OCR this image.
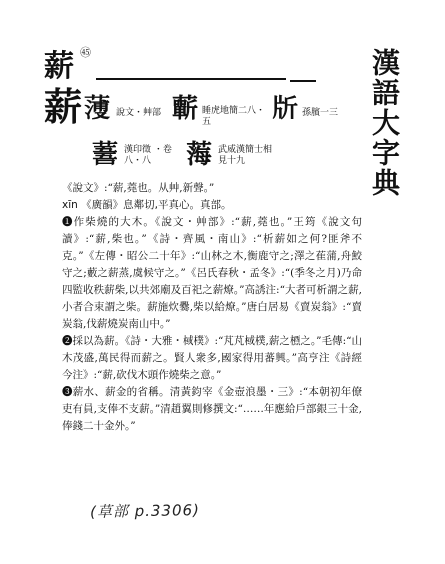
漢語大字典
薪 ㊺
薪 𦻈 說文・艸部 蘄 睡虎地簡二八・五	𣂔 孫臏一三
𦸭 漢印徵 ・卷八・八	𦷫 武威漢簡士相見十九

《說文》:“薪,蕘也。从艸,新聲。”

xīn 《廣韻》息鄰切,平真心。真部。

❶作柴燒的大木。《說文・艸部》:“薪,蕘也。”王筠《說文句讀》:“薪,柴也。”《詩・齊風・南山》:“析薪如之何?匪斧不克。”《左傳・昭公二十年》:“山林之木,衡鹿守之;澤之萑蒲,舟鮫守之;藪之薪蒸,虞候守之。”《呂氏春秋・孟冬》:“(季冬之月)乃命四監收秩薪柴,以共郊廟及百祀之薪燎。”高誘注:“大者可析謂之薪,小者合束謂之柴。薪施炊爨,柴以給燎。”唐白居易《賣炭翁》:“賣炭翁,伐薪燒炭南山中。”

❷採以為薪。《詩・大雅・棫樸》:“芃芃棫樸,薪之槱之。”毛傳:“山木茂盛,萬民得而薪之。賢人衆多,國家得用蕃興。”高亨注《詩經今注》:“薪,砍伐木頭作燒柴之意。”

❸薪水、薪金的省稱。清黃鈞宰《金壺浪墨・三》:“本朝初年僚吏有員,支俸不支薪。”清趙翼則修撰文:“……年應給戶部銀三十金,俸錢二十金外。”

(草部 p.3306)
